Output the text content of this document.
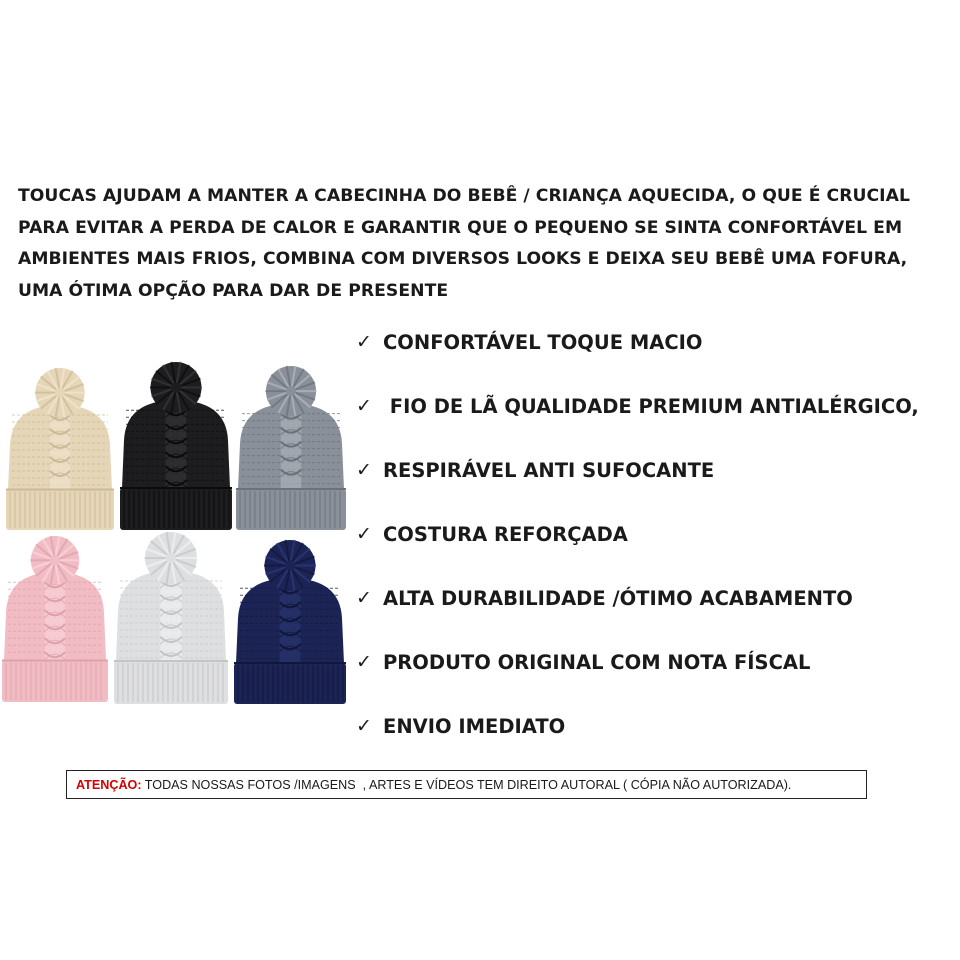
TOUCAS AJUDAM A MANTER A CABECINHA DO BEBÊ / CRIANÇA AQUECIDA, O QUE É CRUCIAL
PARA EVITAR A PERDA DE CALOR E GARANTIR QUE O PEQUENO SE SINTA CONFORTÁVEL EM
AMBIENTES MAIS FRIOS, COMBINA COM DIVERSOS LOOKS E DEIXA SEU BEBÊ UMA FOFURA,
UMA ÓTIMA OPÇÃO PARA DAR DE PRESENTE
✓ CONFORTÁVEL TOQUE MACIO
✓ FIO DE LÃ QUALIDADE PREMIUM ANTIALÉRGICO,
✓ RESPIRÁVEL ANTI SUFOCANTE
✓ COSTURA REFORÇADA
✓ ALTA DURABILIDADE /ÓTIMO ACABAMENTO
✓ PRODUTO ORIGINAL COM NOTA FÍSCAL
✓ ENVIO IMEDIATO
ATENÇÃO: TODAS NOSSAS FOTOS /IMAGENS  , ARTES E VÍDEOS TEM DIREITO AUTORAL ( CÓPIA NÃO AUTORIZADA).
